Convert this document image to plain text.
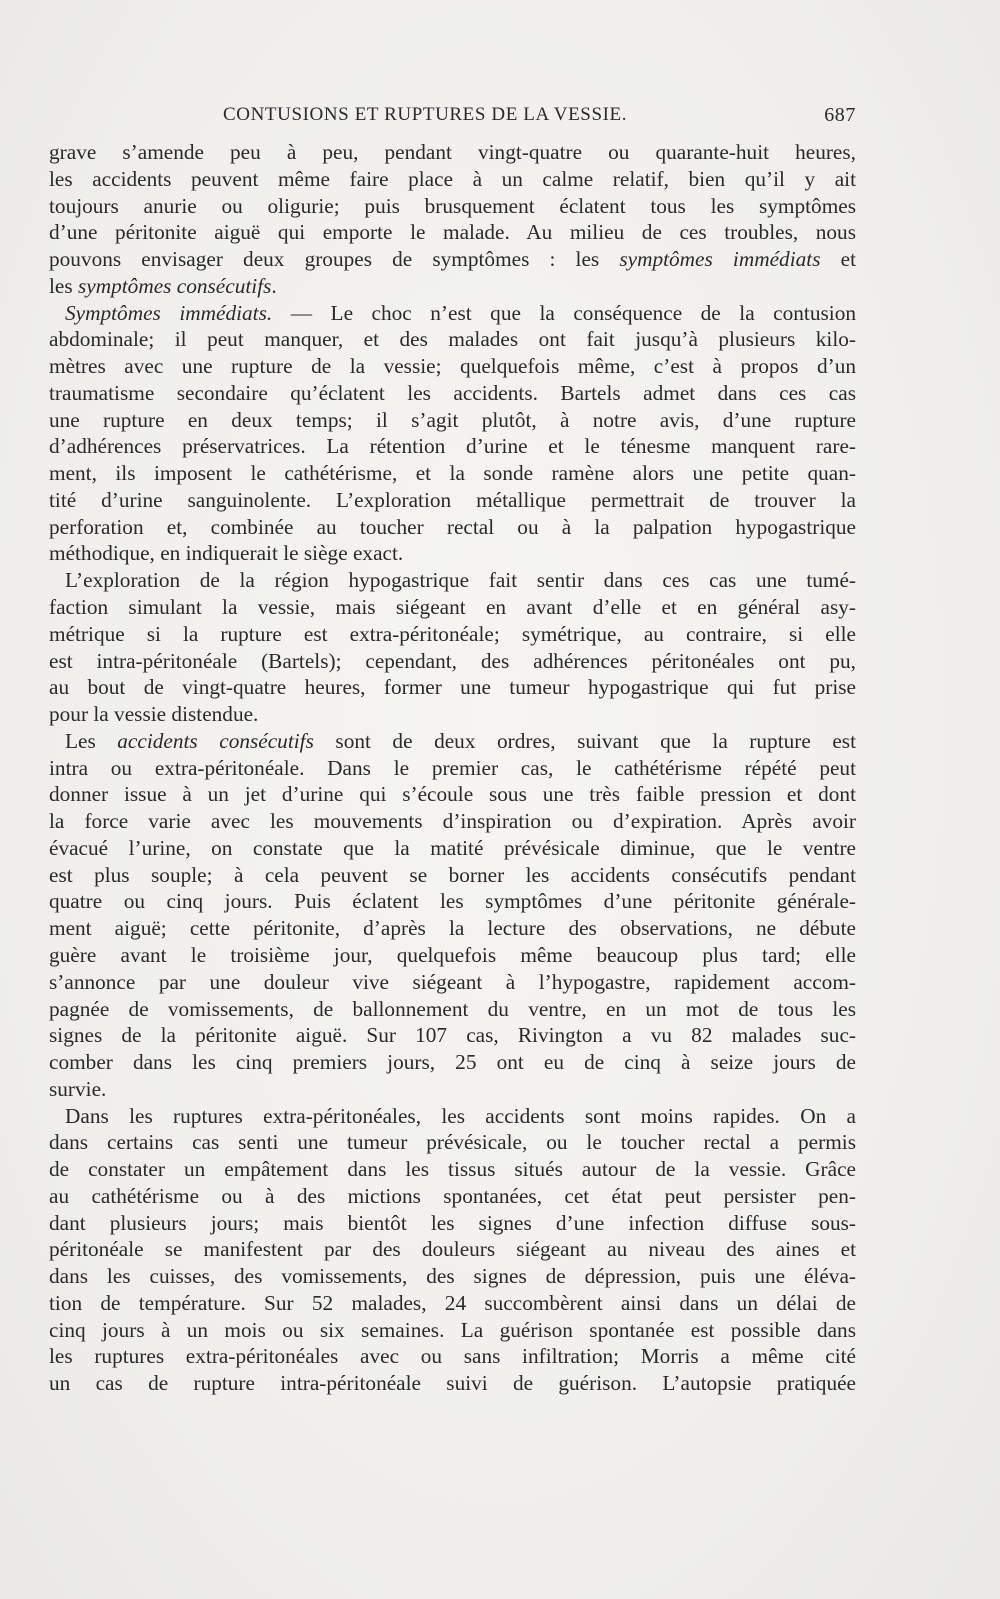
CONTUSIONS ET RUPTURES DE LA VESSIE.	687
grave s’amende peu à peu, pendant vingt-quatre ou quarante-huit heures,
les accidents peuvent même faire place à un calme relatif, bien qu’il y ait
toujours anurie ou oligurie; puis brusquement éclatent tous les symptômes
d’une péritonite aiguë qui emporte le malade. Au milieu de ces troubles, nous
pouvons envisager deux groupes de symptômes : les symptômes immédiats et
les symptômes consécutifs.
Symptômes immédiats. — Le choc n’est que la conséquence de la contusion
abdominale; il peut manquer, et des malades ont fait jusqu’à plusieurs kilo-
mètres avec une rupture de la vessie; quelquefois même, c’est à propos d’un
traumatisme secondaire qu’éclatent les accidents. Bartels admet dans ces cas
une rupture en deux temps; il s’agit plutôt, à notre avis, d’une rupture
d’adhérences préservatrices. La rétention d’urine et le ténesme manquent rare-
ment, ils imposent le cathétérisme, et la sonde ramène alors une petite quan-
tité d’urine sanguinolente. L’exploration métallique permettrait de trouver la
perforation et, combinée au toucher rectal ou à la palpation hypogastrique
méthodique, en indiquerait le siège exact.
L’exploration de la région hypogastrique fait sentir dans ces cas une tumé-
faction simulant la vessie, mais siégeant en avant d’elle et en général asy-
métrique si la rupture est extra-péritonéale; symétrique, au contraire, si elle
est intra-péritonéale (Bartels); cependant, des adhérences péritonéales ont pu,
au bout de vingt-quatre heures, former une tumeur hypogastrique qui fut prise
pour la vessie distendue.
Les accidents consécutifs sont de deux ordres, suivant que la rupture est
intra ou extra-péritonéale. Dans le premier cas, le cathétérisme répété peut
donner issue à un jet d’urine qui s’écoule sous une très faible pression et dont
la force varie avec les mouvements d’inspiration ou d’expiration. Après avoir
évacué l’urine, on constate que la matité prévésicale diminue, que le ventre
est plus souple; à cela peuvent se borner les accidents consécutifs pendant
quatre ou cinq jours. Puis éclatent les symptômes d’une péritonite générale-
ment aiguë; cette péritonite, d’après la lecture des observations, ne débute
guère avant le troisième jour, quelquefois même beaucoup plus tard; elle
s’annonce par une douleur vive siégeant à l’hypogastre, rapidement accom-
pagnée de vomissements, de ballonnement du ventre, en un mot de tous les
signes de la péritonite aiguë. Sur 107 cas, Rivington a vu 82 malades suc-
comber dans les cinq premiers jours, 25 ont eu de cinq à seize jours de
survie.
Dans les ruptures extra-péritonéales, les accidents sont moins rapides. On a
dans certains cas senti une tumeur prévésicale, ou le toucher rectal a permis
de constater un empâtement dans les tissus situés autour de la vessie. Grâce
au cathétérisme ou à des mictions spontanées, cet état peut persister pen-
dant plusieurs jours; mais bientôt les signes d’une infection diffuse sous-
péritonéale se manifestent par des douleurs siégeant au niveau des aines et
dans les cuisses, des vomissements, des signes de dépression, puis une éléva-
tion de température. Sur 52 malades, 24 succombèrent ainsi dans un délai de
cinq jours à un mois ou six semaines. La guérison spontanée est possible dans
les ruptures extra-péritonéales avec ou sans infiltration; Morris a même cité
un cas de rupture intra-péritonéale suivi de guérison. L’autopsie pratiquée
